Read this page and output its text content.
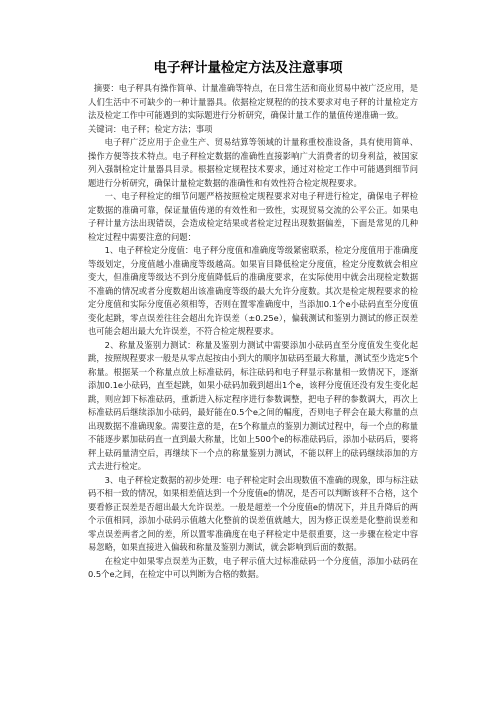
电子秤计量检定方法及注意事项

摘要：电子秤具有操作简单、计量准确等特点，在日常生活和商业贸易中被广泛应用，是人们生活中不可缺少的一种计量器具。依据检定规程的的技术要求对电子秤的计量检定方法及检定工作中可能遇到的实际题进行分析研究，确保计量工作的量值传递准确一致。

关键词：电子秤；检定方法；事项

电子秤广泛应用于企业生产、贸易结算等领域的计量称重校准设备，具有使用简单、操作方便等技术特点。电子秤检定数据的准确性直接影响广大消费者的切身利益，被国家列入强制检定计量器具目录。根据检定规程技术要求，通过对检定工作中可能遇到细节问题进行分析研究，确保计量检定数据的准确性和有效性符合检定规程要求。

一、电子秤检定的细节问题严格按照检定规程要求对电子秤进行检定，确保电子秤检定数据的准确可靠，保证量值传递的有效性和一致性，实现贸易交流的公平公正。如果电子秤计量方法出现错误，会造成检定结果或者检定过程出现数据偏差，下面是常见的几种检定过程中需要注意的问题：

1、电子秤检定分度值：电子秤分度值和准确度等级紧密联系，检定分度值用于准确度等级划定，分度值越小准确度等级越高。如果盲目降低检定分度值，检定分度数就会相应变大，但准确度等级达不到分度值降低后的准确度要求，在实际使用中就会出现检定数据不准确的情况或者分度数超出该准确度等级的最大允许分度数。其次是检定规程要求的检定分度值和实际分度值必须相等，否则在置零准确度中，当添加0.1个e小砝码直至分度值变化起跳，零点误差往往会超出允许误差（±0.25e），偏载测试和鉴别力测试的修正误差也可能会超出最大允许误差，不符合检定规程要求。

2、称量及鉴别力测试：称量及鉴别力测试中需要添加小砝码直至分度值发生变化起跳，按照规程要求一般是从零点起按由小到大的顺序加砝码至最大称量，测试至少选定5个称量。根据某一个称量点放上标准砝码，标注砝码和电子秤显示称量相一致情况下，逐渐添加0.1e小砝码，直至起跳，如果小砝码加载到超出1个e，该秤分度值还没有发生变化起跳，则应卸下标准砝码，重新进入标定程序进行参数调整，把电子秤的参数调大，再次上标准砝码后继续添加小砝码，最好能在0.5个e之间的幅度，否则电子秤会在最大称量的点出现数据不准确现象。需要注意的是，在5个称量点的鉴别力测试过程中，每一个点的称量不能逐步累加砝码直一直到最大称量，比如上500个e的标准砝码后，添加小砝码后，要将秤上砝码量清空后，再继续下一个点的称量鉴别力测试，不能以秤上的砝码继续添加的方式去进行检定。

3、电子秤检定数据的初步处理：电子秤检定时会出现数值不准确的现象，即与标注砝码不相一致的情况，如果相差值达到一个分度值e的情况，是否可以判断该秤不合格，这个要看修正误差是否超出最大允许误差。一般是超差一个分度值e的情况下，并且升降后的两个示值相同，添加小砝码示值越大化整前的误差值就越大，因为修正误差是化整前误差和零点误差两者之间的差，所以置零准确度在电子秤检定中是很重要，这一步骤在检定中容易忽略，如果直接进入偏载和称量及鉴别力测试，就会影响到后面的数据。

在检定中如果零点误差为正数，电子秤示值大过标准砝码一个分度值，添加小砝码在0.5个e之间，在检定中可以判断为合格的数据。
